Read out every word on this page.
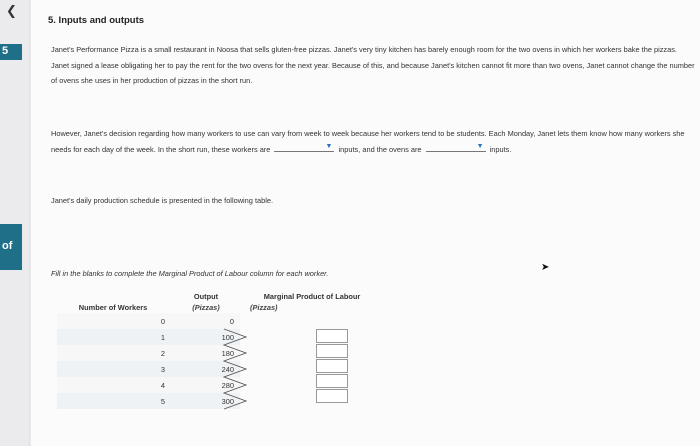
❮
5
of
5. Inputs and outputs
Janet's Performance Pizza is a small restaurant in Noosa that sells gluten-free pizzas. Janet's very tiny kitchen has barely enough room for the two ovens in which her workers bake the pizzas. Janet signed a lease obligating her to pay the rent for the two ovens for the next year. Because of this, and because Janet's kitchen cannot fit more than two ovens, Janet cannot change the number of ovens she uses in her production of pizzas in the short run.
However, Janet's decision regarding how many workers to use can vary from week to week because her workers tend to be students. Each Monday, Janet lets them know how many workers she needs for each day of the week. In the short run, these workers are	▼ inputs, and the ovens are	▼ inputs.
Janet's daily production schedule is presented in the following table.
Fill in the blanks to complete the Marginal Product of Labour column for each worker.
➤
Number of Workers	Output	Marginal Product of Labour
	(Pizzas)	(Pizzas)
0	0	
1	100	
2	180	
3	240	
4	280	
5	300	
